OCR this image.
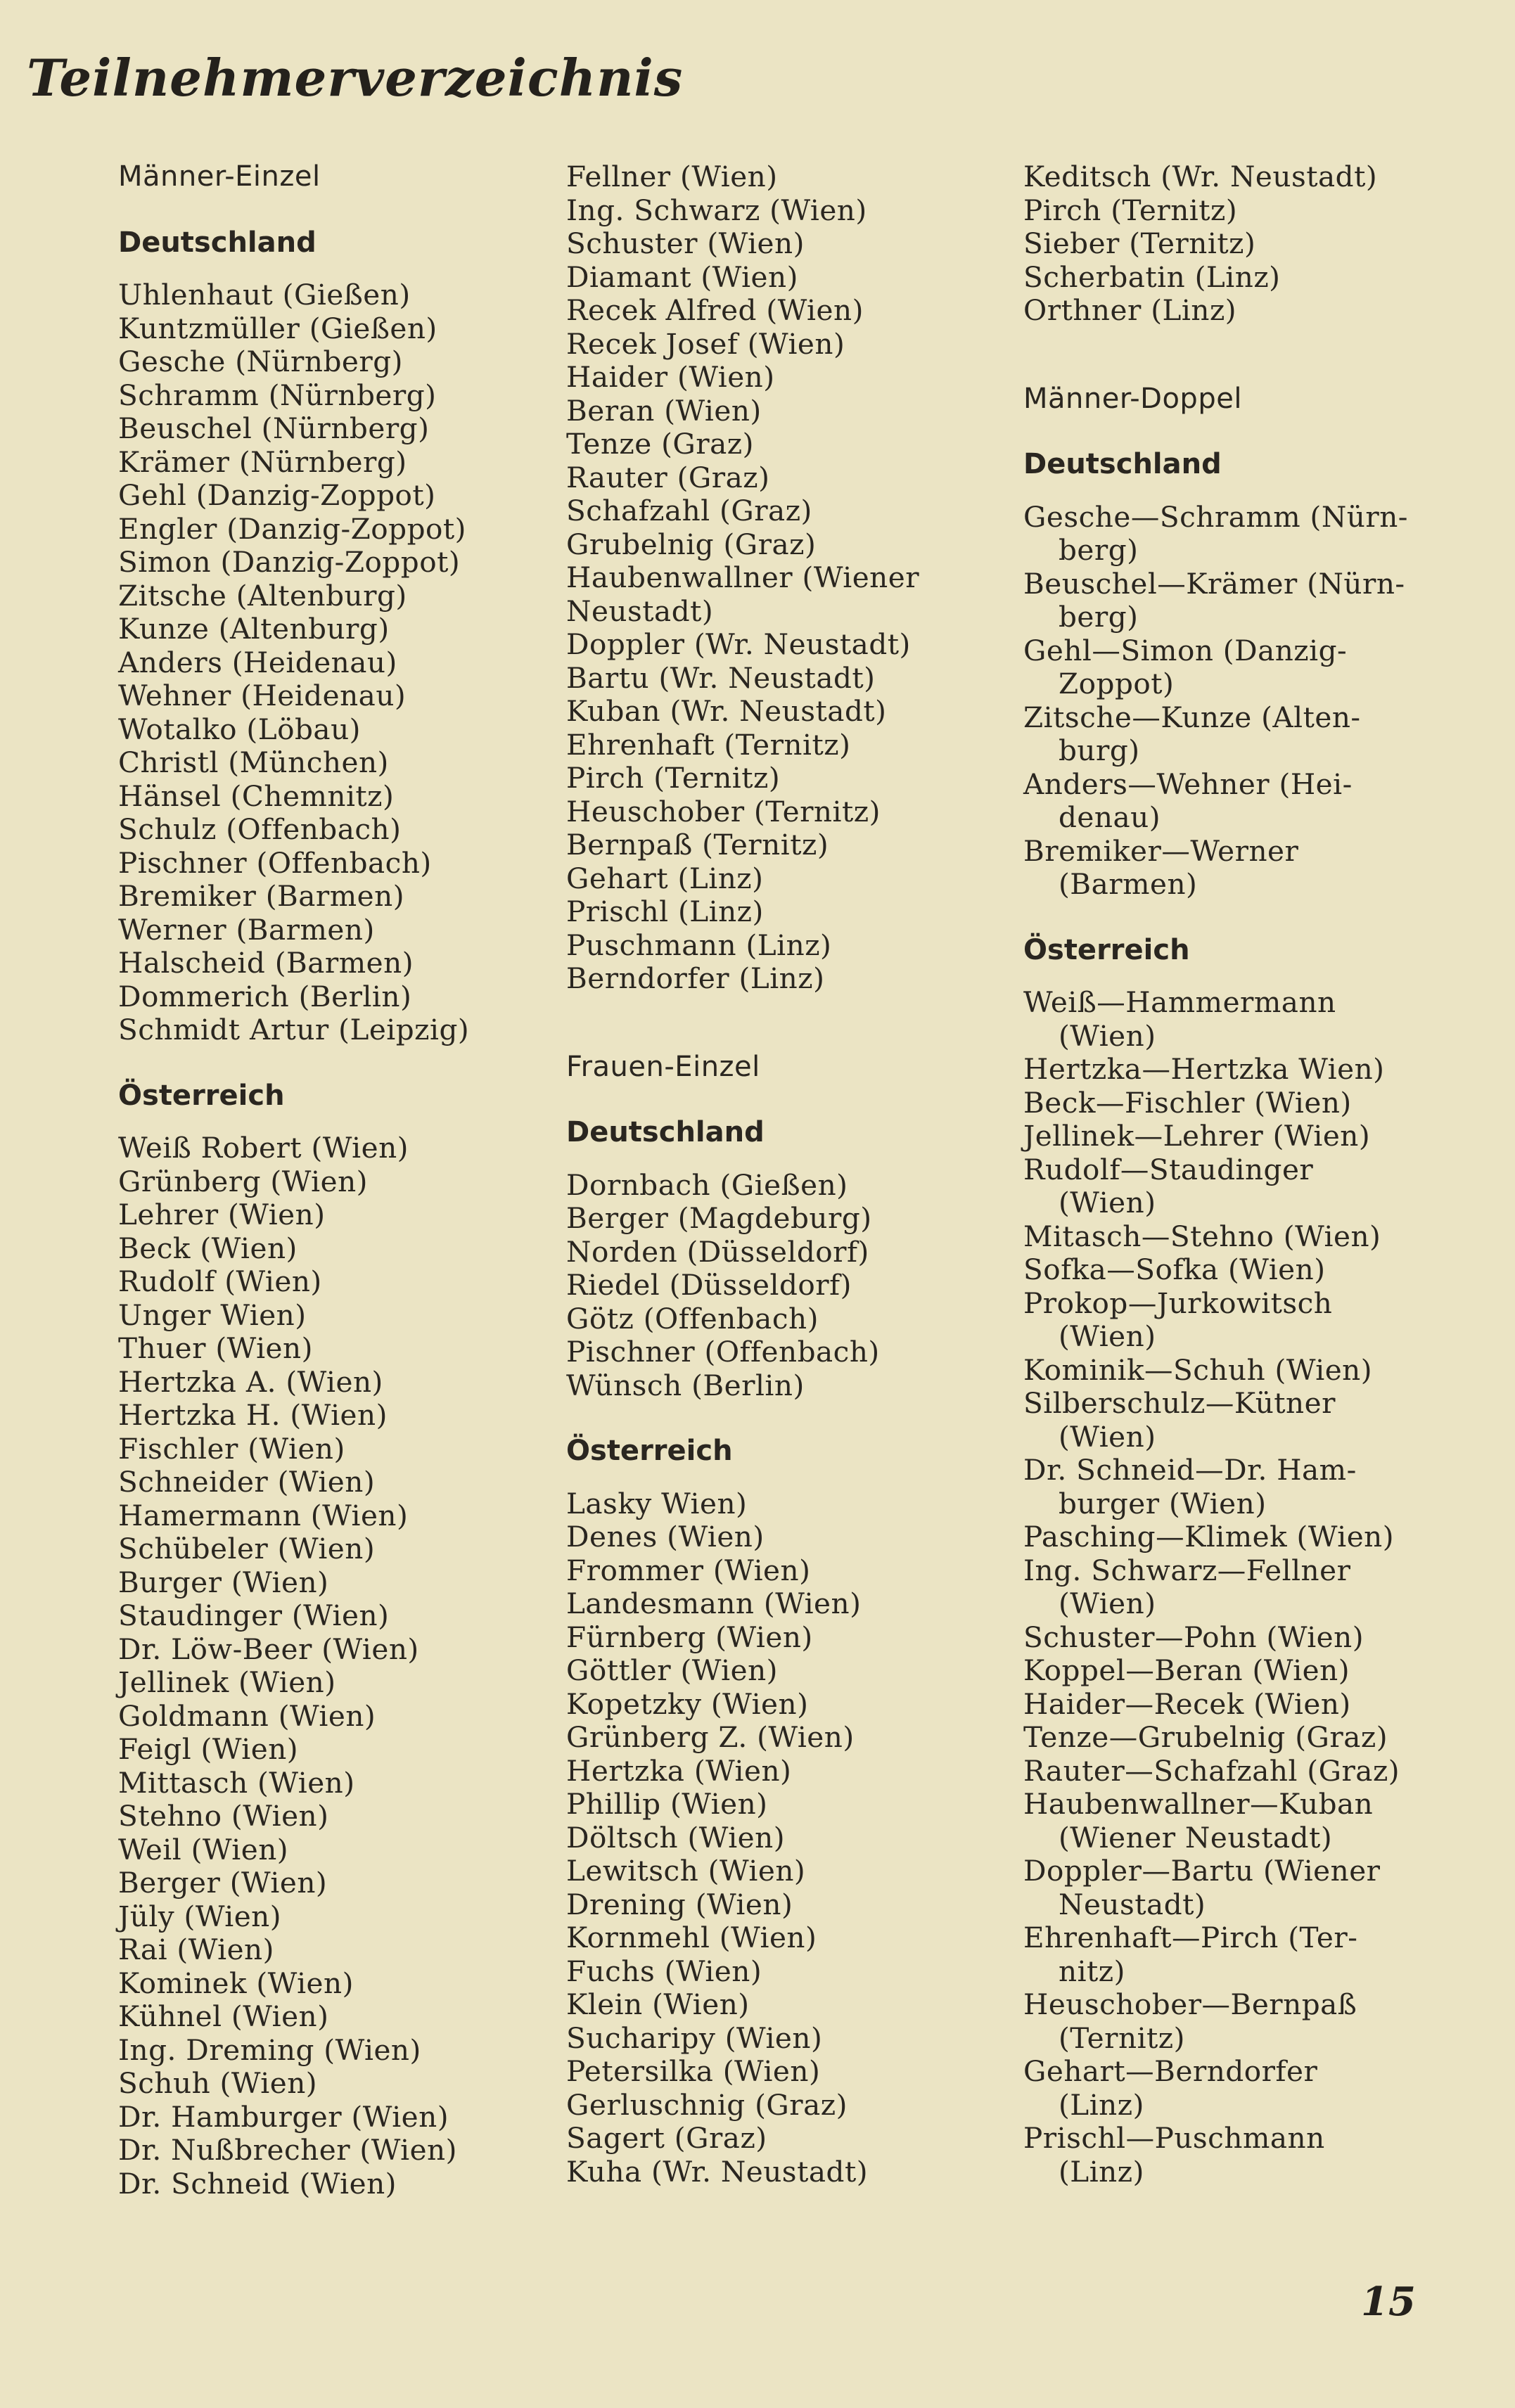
Teilnehmerverzeichnis
Männer-Einzel
Deutschland
Uhlenhaut (Gießen)
Kuntzmüller (Gießen)
Gesche (Nürnberg)
Schramm (Nürnberg)
Beuschel (Nürnberg)
Krämer (Nürnberg)
Gehl (Danzig-Zoppot)
Engler (Danzig-Zoppot)
Simon (Danzig-Zoppot)
Zitsche (Altenburg)
Kunze (Altenburg)
Anders (Heidenau)
Wehner (Heidenau)
Wotalko (Löbau)
Christl (München)
Hänsel (Chemnitz)
Schulz (Offenbach)
Pischner (Offenbach)
Bremiker (Barmen)
Werner (Barmen)
Halscheid (Barmen)
Dommerich (Berlin)
Schmidt Artur (Leipzig)
Österreich
Weiß Robert (Wien)
Grünberg (Wien)
Lehrer (Wien)
Beck (Wien)
Rudolf (Wien)
Unger Wien)
Thuer (Wien)
Hertzka A. (Wien)
Hertzka H. (Wien)
Fischler (Wien)
Schneider (Wien)
Hamermann (Wien)
Schübeler (Wien)
Burger (Wien)
Staudinger (Wien)
Dr. Löw-Beer (Wien)
Jellinek (Wien)
Goldmann (Wien)
Feigl (Wien)
Mittasch (Wien)
Stehno (Wien)
Weil (Wien)
Berger (Wien)
Jüly (Wien)
Rai (Wien)
Kominek (Wien)
Kühnel (Wien)
Ing. Dreming (Wien)
Schuh (Wien)
Dr. Hamburger (Wien)
Dr. Nußbrecher (Wien)
Dr. Schneid (Wien)
Fellner (Wien)
Ing. Schwarz (Wien)
Schuster (Wien)
Diamant (Wien)
Recek Alfred (Wien)
Recek Josef (Wien)
Haider (Wien)
Beran (Wien)
Tenze (Graz)
Rauter (Graz)
Schafzahl (Graz)
Grubelnig (Graz)
Haubenwallner (Wiener
Neustadt)
Doppler (Wr. Neustadt)
Bartu (Wr. Neustadt)
Kuban (Wr. Neustadt)
Ehrenhaft (Ternitz)
Pirch (Ternitz)
Heuschober (Ternitz)
Bernpaß (Ternitz)
Gehart (Linz)
Prischl (Linz)
Puschmann (Linz)
Berndorfer (Linz)
Frauen-Einzel
Deutschland
Dornbach (Gießen)
Berger (Magdeburg)
Norden (Düsseldorf)
Riedel (Düsseldorf)
Götz (Offenbach)
Pischner (Offenbach)
Wünsch (Berlin)
Österreich
Lasky Wien)
Denes (Wien)
Frommer (Wien)
Landesmann (Wien)
Fürnberg (Wien)
Göttler (Wien)
Kopetzky (Wien)
Grünberg Z. (Wien)
Hertzka (Wien)
Phillip (Wien)
Döltsch (Wien)
Lewitsch (Wien)
Drening (Wien)
Kornmehl (Wien)
Fuchs (Wien)
Klein (Wien)
Sucharipy (Wien)
Petersilka (Wien)
Gerluschnig (Graz)
Sagert (Graz)
Kuha (Wr. Neustadt)
Keditsch (Wr. Neustadt)
Pirch (Ternitz)
Sieber (Ternitz)
Scherbatin (Linz)
Orthner (Linz)
Männer-Doppel
Deutschland
Gesche—Schramm (Nürn-
berg)
Beuschel—Krämer (Nürn-
berg)
Gehl—Simon (Danzig-
Zoppot)
Zitsche—Kunze (Alten-
burg)
Anders—Wehner (Hei-
denau)
Bremiker—Werner
(Barmen)
Österreich
Weiß—Hammermann
(Wien)
Hertzka—Hertzka Wien)
Beck—Fischler (Wien)
Jellinek—Lehrer (Wien)
Rudolf—Staudinger
(Wien)
Mitasch—Stehno (Wien)
Sofka—Sofka (Wien)
Prokop—Jurkowitsch
(Wien)
Kominik—Schuh (Wien)
Silberschulz—Kütner
(Wien)
Dr. Schneid—Dr. Ham-
burger (Wien)
Pasching—Klimek (Wien)
Ing. Schwarz—Fellner
(Wien)
Schuster—Pohn (Wien)
Koppel—Beran (Wien)
Haider—Recek (Wien)
Tenze—Grubelnig (Graz)
Rauter—Schafzahl (Graz)
Haubenwallner—Kuban
(Wiener Neustadt)
Doppler—Bartu (Wiener
Neustadt)
Ehrenhaft—Pirch (Ter-
nitz)
Heuschober—Bernpaß
(Ternitz)
Gehart—Berndorfer
(Linz)
Prischl—Puschmann
(Linz)
15
